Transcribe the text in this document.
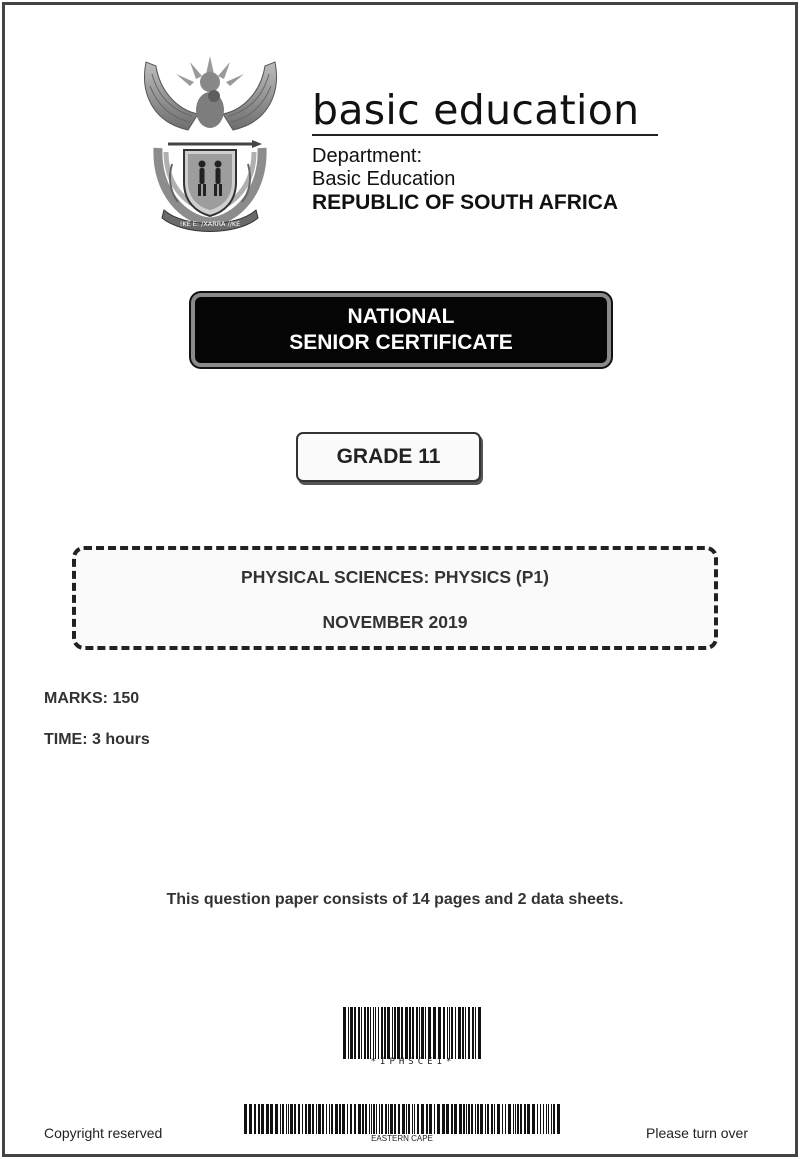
!KE E: /XARRA //KE
basic education
Department:
Basic Education
REPUBLIC OF SOUTH AFRICA
NATIONAL
SENIOR CERTIFICATE
GRADE 11
PHYSICAL SCIENCES: PHYSICS (P1)
NOVEMBER 2019
MARKS: 150
TIME: 3 hours
This question paper consists of 14 pages and 2 data sheets.
*IPHSCE1*
EASTERN CAPE
Copyright reserved	Please turn over
